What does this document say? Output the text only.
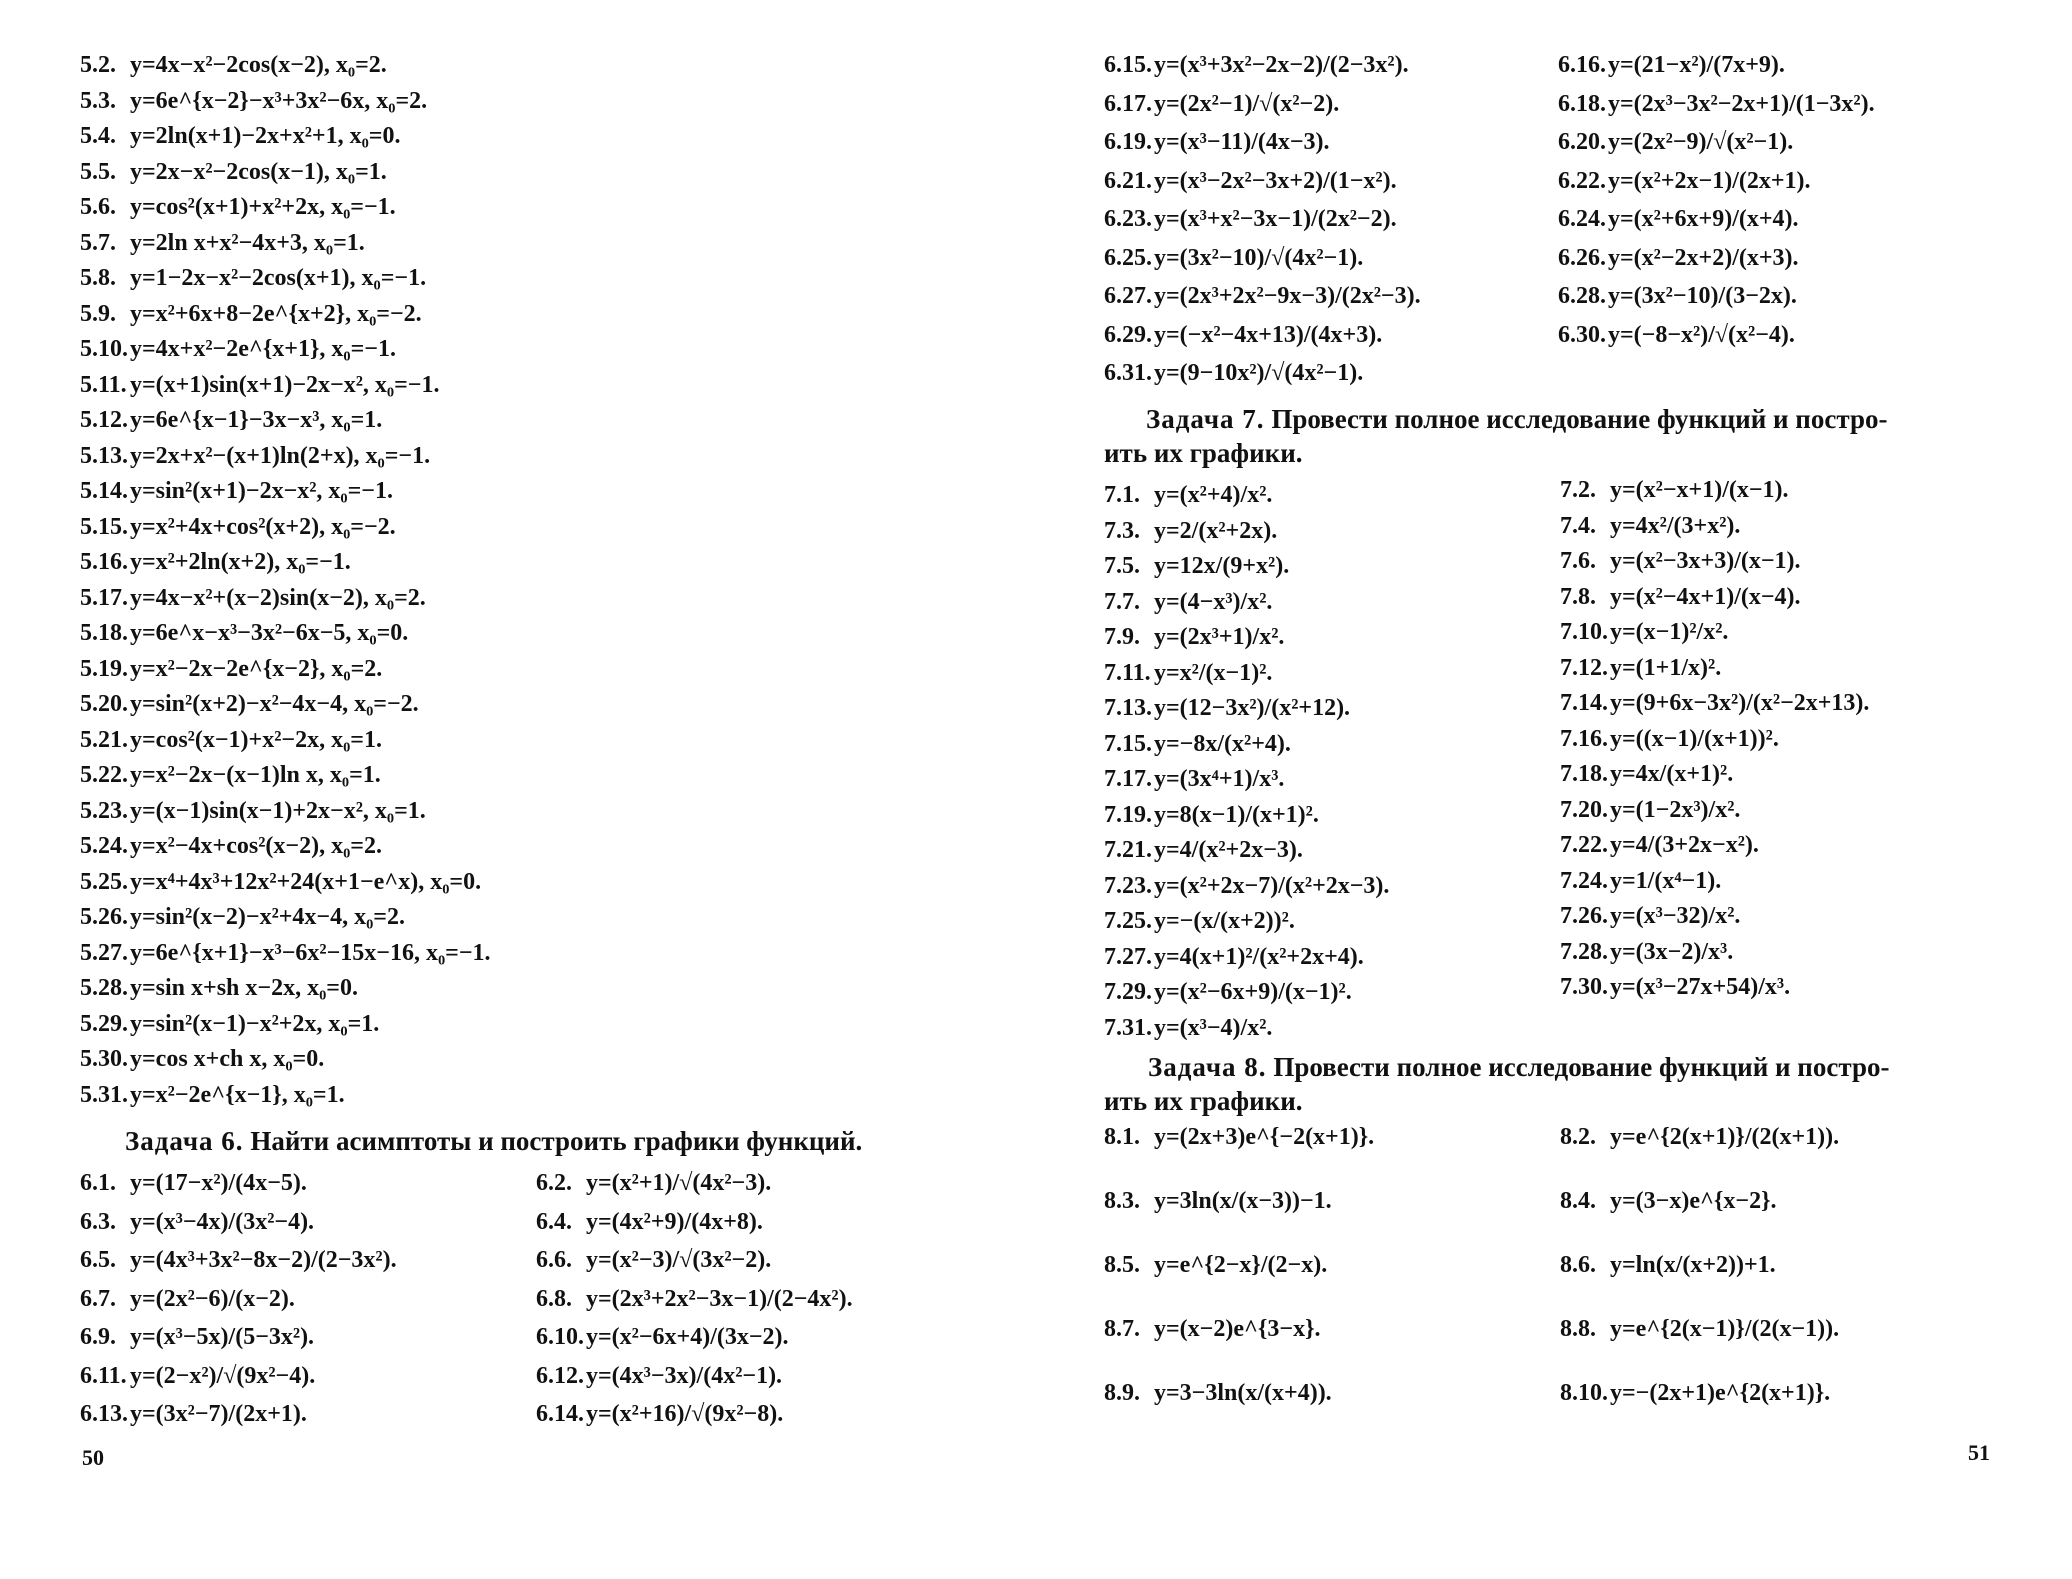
5.2. y=4x−x²−2cos(x−2), x₀=2.
5.3. y=6e^{x−2}−x³+3x²−6x, x₀=2.
5.4. y=2ln(x+1)−2x+x²+1, x₀=0.
5.5. y=2x−x²−2cos(x−1), x₀=1.
5.6. y=cos²(x+1)+x²+2x, x₀=−1.
5.7. y=2ln x+x²−4x+3, x₀=1.
5.8. y=1−2x−x²−2cos(x+1), x₀=−1.
5.9. y=x²+6x+8−2e^{x+2}, x₀=−2.
5.10.y=4x+x²−2e^{x+1}, x₀=−1.
5.11. y=(x+1)sin(x+1)−2x−x², x₀=−1.
5.12.y=6e^{x−1}−3x−x³, x₀=1.
5.13.y=2x+x²−(x+1)ln(2+x), x₀=−1.
5.14.y=sin²(x+1)−2x−x², x₀=−1.
5.15.y=x²+4x+cos²(x+2), x₀=−2.
5.16.y=x²+2ln(x+2), x₀=−1.
5.17.y=4x−x²+(x−2)sin(x−2), x₀=2.
5.18.y=6e^x−x³−3x²−6x−5, x₀=0.
5.19.y=x²−2x−2e^{x−2}, x₀=2.
5.20.y=sin²(x+2)−x²−4x−4, x₀=−2.
5.21.y=cos²(x−1)+x²−2x, x₀=1.
5.22.y=x²−2x−(x−1)ln x, x₀=1.
5.23.y=(x−1)sin(x−1)+2x−x², x₀=1.
5.24.y=x²−4x+cos²(x−2), x₀=2.
5.25.y=x⁴+4x³+12x²+24(x+1−e^x), x₀=0.
5.26.y=sin²(x−2)−x²+4x−4, x₀=2.
5.27.y=6e^{x+1}−x³−6x²−15x−16, x₀=−1.
5.28.y=sin x+sh x−2x, x₀=0.
5.29.y=sin²(x−1)−x²+2x, x₀=1.
5.30.y=cos x+ch x, x₀=0.
5.31.y=x²−2e^{x−1}, x₀=1.
Задача 6. Найти асимптоты и построить графики функций.
6.1. y=(17−x²)/(4x−5).
6.3. y=(x³−4x)/(3x²−4).
6.5. y=(4x³+3x²−8x−2)/(2−3x²).
6.7. y=(2x²−6)/(x−2).
6.9. y=(x³−5x)/(5−3x²).
6.11. y=(2−x²)/√(9x²−4).
6.13.y=(3x²−7)/(2x+1).
6.2. y=(x²+1)/√(4x²−3).
6.4. y=(4x²+9)/(4x+8).
6.6. y=(x²−3)/√(3x²−2).
6.8. y=(2x³+2x²−3x−1)/(2−4x²).
6.10.y=(x²−6x+4)/(3x−2).
6.12.y=(4x³−3x)/(4x²−1).
6.14.y=(x²+16)/√(9x²−8).
50
6.15.y=(x³+3x²−2x−2)/(2−3x²).
6.17.y=(2x²−1)/√(x²−2).
6.19.y=(x³−11)/(4x−3).
6.21.y=(x³−2x²−3x+2)/(1−x²).
6.23.y=(x³+x²−3x−1)/(2x²−2).
6.25.y=(3x²−10)/√(4x²−1).
6.27.y=(2x³+2x²−9x−3)/(2x²−3).
6.29.y=(−x²−4x+13)/(4x+3).
6.31.y=(9−10x²)/√(4x²−1).
6.16.y=(21−x²)/(7x+9).
6.18.y=(2x³−3x²−2x+1)/(1−3x²).
6.20.y=(2x²−9)/√(x²−1).
6.22.y=(x²+2x−1)/(2x+1).
6.24.y=(x²+6x+9)/(x+4).
6.26.y=(x²−2x+2)/(x+3).
6.28.y=(3x²−10)/(3−2x).
6.30.y=(−8−x²)/√(x²−4).
Задача 7. Провести полное исследование функций и постро-
ить их графики.
7.1. y=(x²+4)/x².
7.3. y=2/(x²+2x).
7.5. y=12x/(9+x²).
7.7. y=(4−x³)/x².
7.9. y=(2x³+1)/x².
7.11. y=x²/(x−1)².
7.13.y=(12−3x²)/(x²+12).
7.15.y=−8x/(x²+4).
7.17.y=(3x⁴+1)/x³.
7.19.y=8(x−1)/(x+1)².
7.21.y=4/(x²+2x−3).
7.23.y=(x²+2x−7)/(x²+2x−3).
7.25.y=−(x/(x+2))².
7.27.y=4(x+1)²/(x²+2x+4).
7.29.y=(x²−6x+9)/(x−1)².
7.31.y=(x³−4)/x².
7.2. y=(x²−x+1)/(x−1).
7.4. y=4x²/(3+x²).
7.6. y=(x²−3x+3)/(x−1).
7.8. y=(x²−4x+1)/(x−4).
7.10.y=(x−1)²/x².
7.12.y=(1+1/x)².
7.14.y=(9+6x−3x²)/(x²−2x+13).
7.16.y=((x−1)/(x+1))².
7.18.y=4x/(x+1)².
7.20.y=(1−2x³)/x².
7.22.y=4/(3+2x−x²).
7.24.y=1/(x⁴−1).
7.26.y=(x³−32)/x².
7.28.y=(3x−2)/x³.
7.30.y=(x³−27x+54)/x³.
Задача 8. Провести полное исследование функций и постро-
ить их графики.
8.1. y=(2x+3)e^{−2(x+1)}.
8.3. y=3ln(x/(x−3))−1.
8.5. y=e^{2−x}/(2−x).
8.7. y=(x−2)e^{3−x}.
8.9. y=3−3ln(x/(x+4)).
8.2. y=e^{2(x+1)}/(2(x+1)).
8.4. y=(3−x)e^{x−2}.
8.6. y=ln(x/(x+2))+1.
8.8. y=e^{2(x−1)}/(2(x−1)).
8.10.y=−(2x+1)e^{2(x+1)}.
51
